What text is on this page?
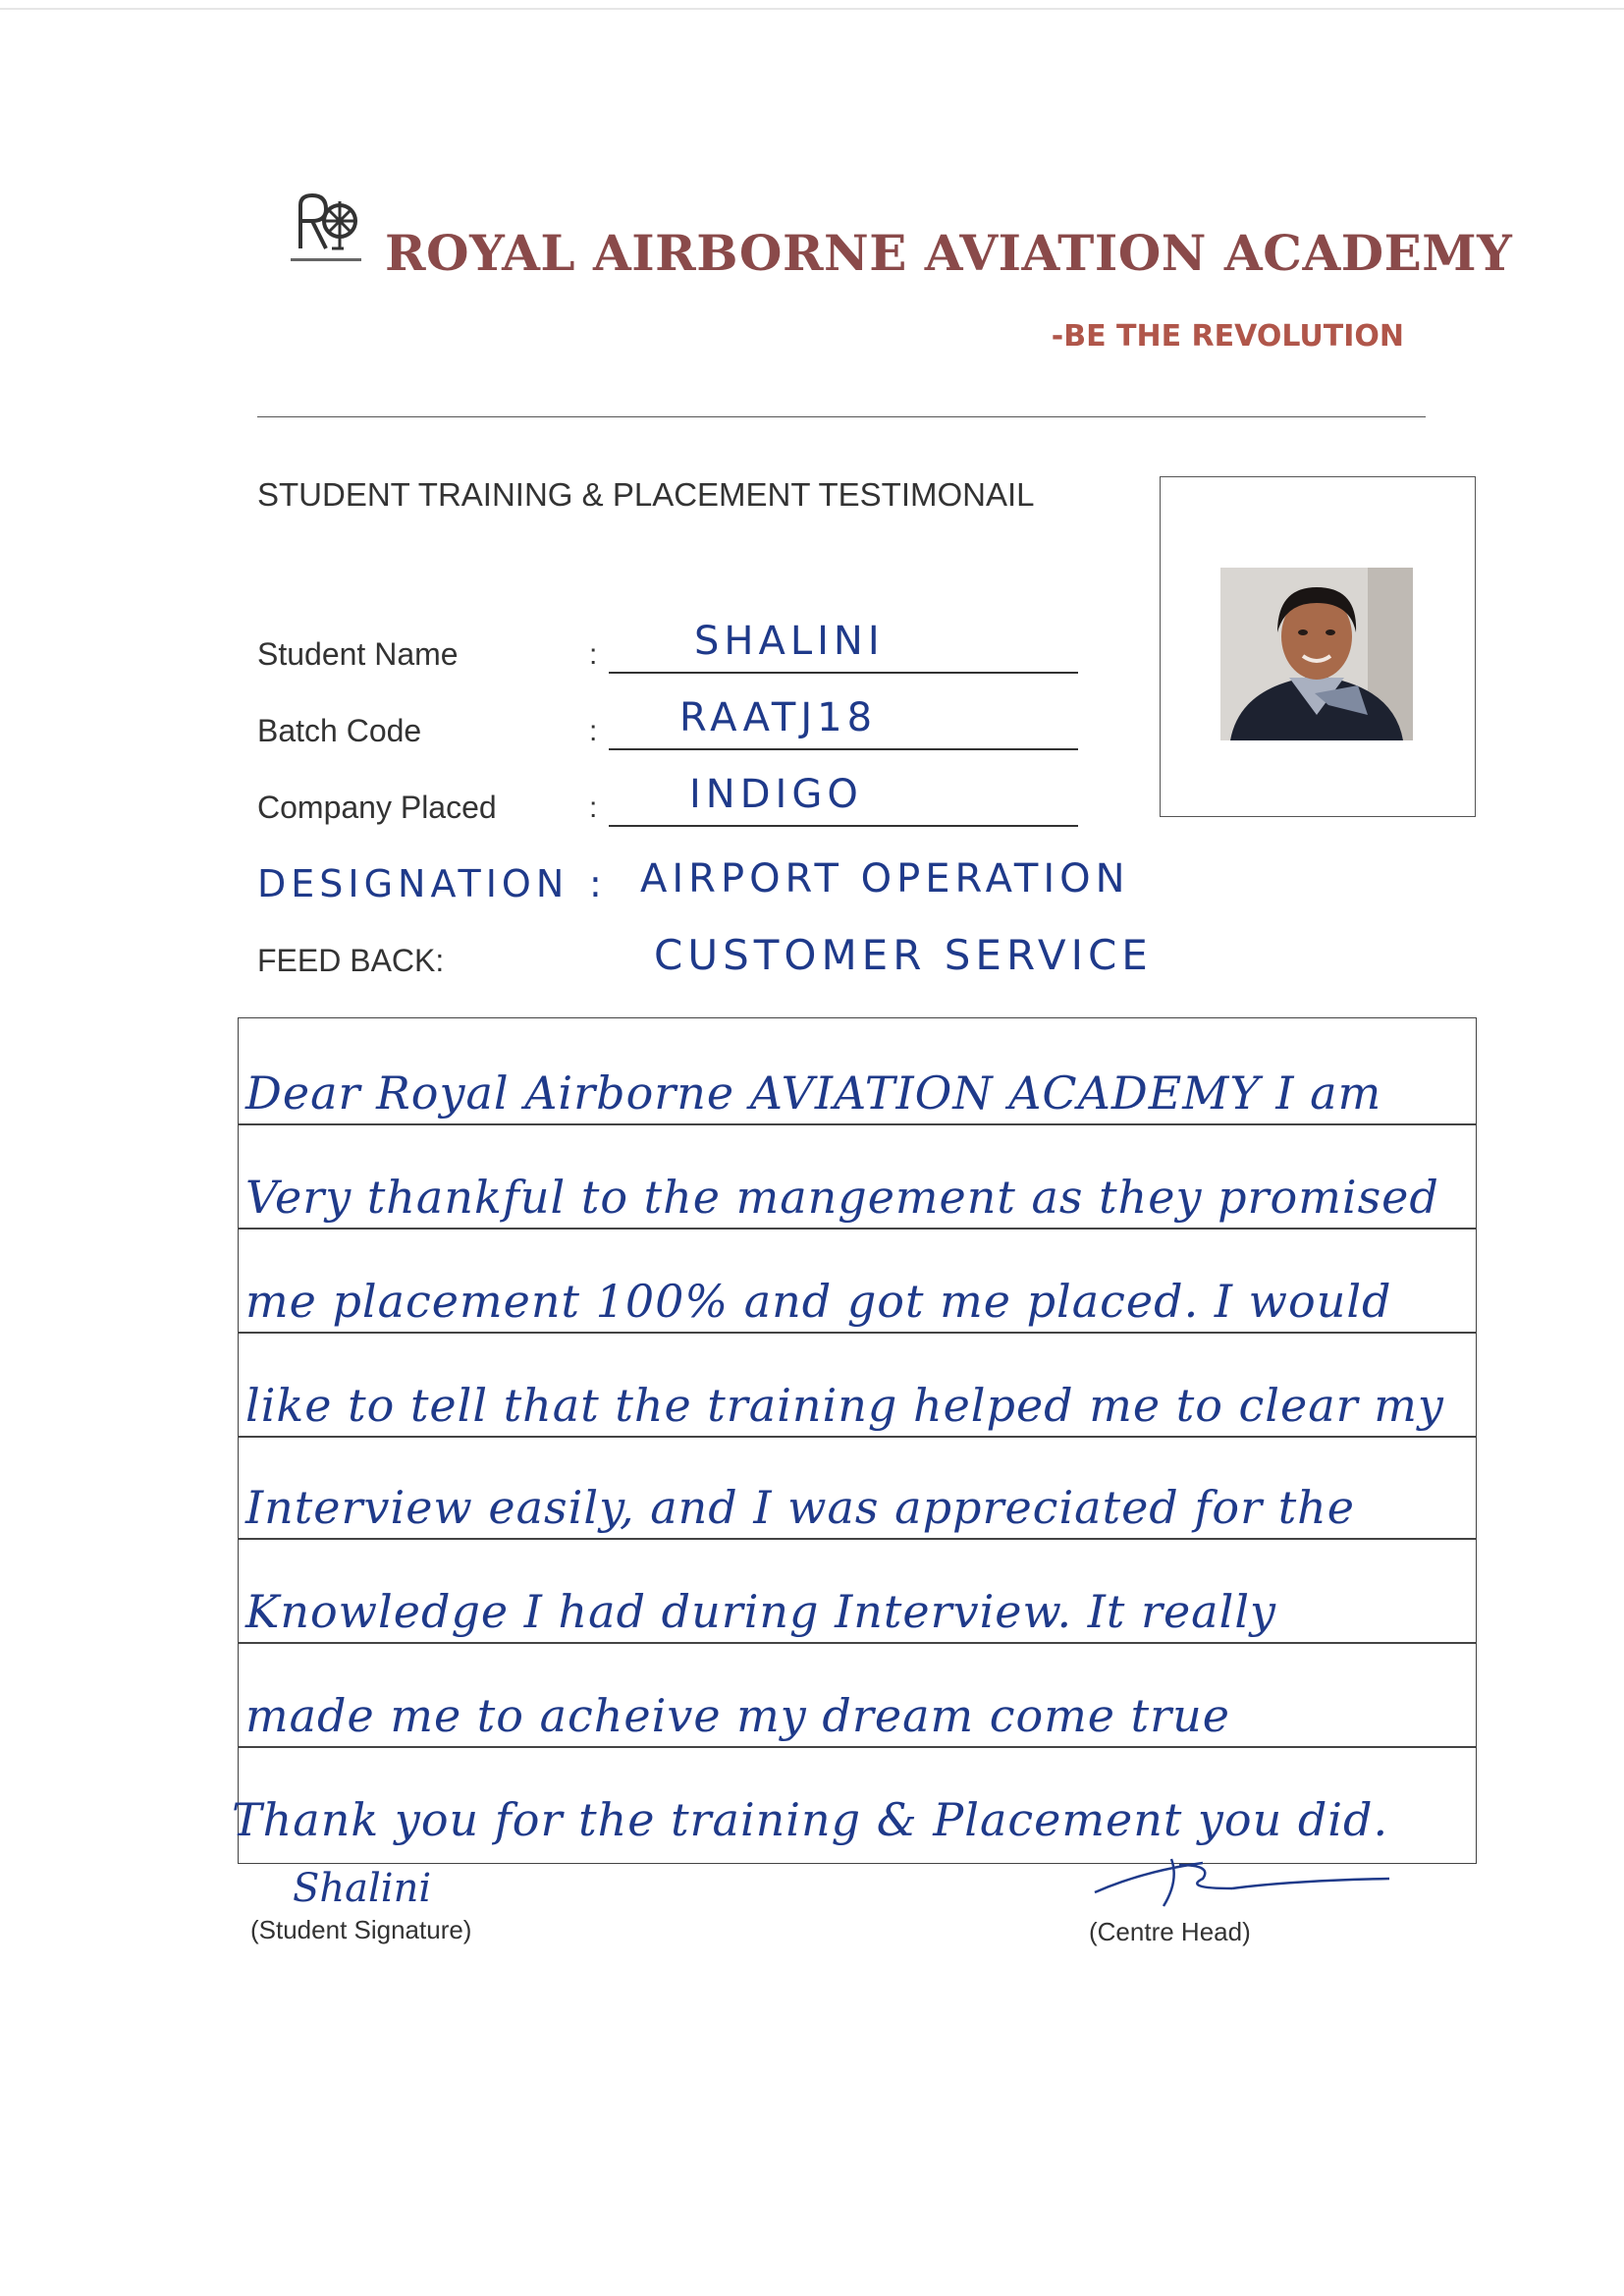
ROYAL AIRBORNE AVIATION ACADEMY
-BE THE REVOLUTION
STUDENT TRAINING & PLACEMENT TESTIMONAIL
Student Name	: SHALINI
Batch Code	: RAATJ18
Company Placed	: INDIGO
DESIGNATION : AIRPORT OPERATION
FEED BACK:	CUSTOMER SERVICE
Dear Royal Airborne AVIATION ACADEMY I am
Very thankful to the mangement as they promised
me placement 100% and got me placed. I would
like to tell that the training helped me to clear my
Interview easily, and I was appreciated for the
Knowledge I had during Interview. It really
made me to acheive my dream come true
Thank you for the training & Placement you did.
Shalini
(Student Signature)	(Centre Head)
